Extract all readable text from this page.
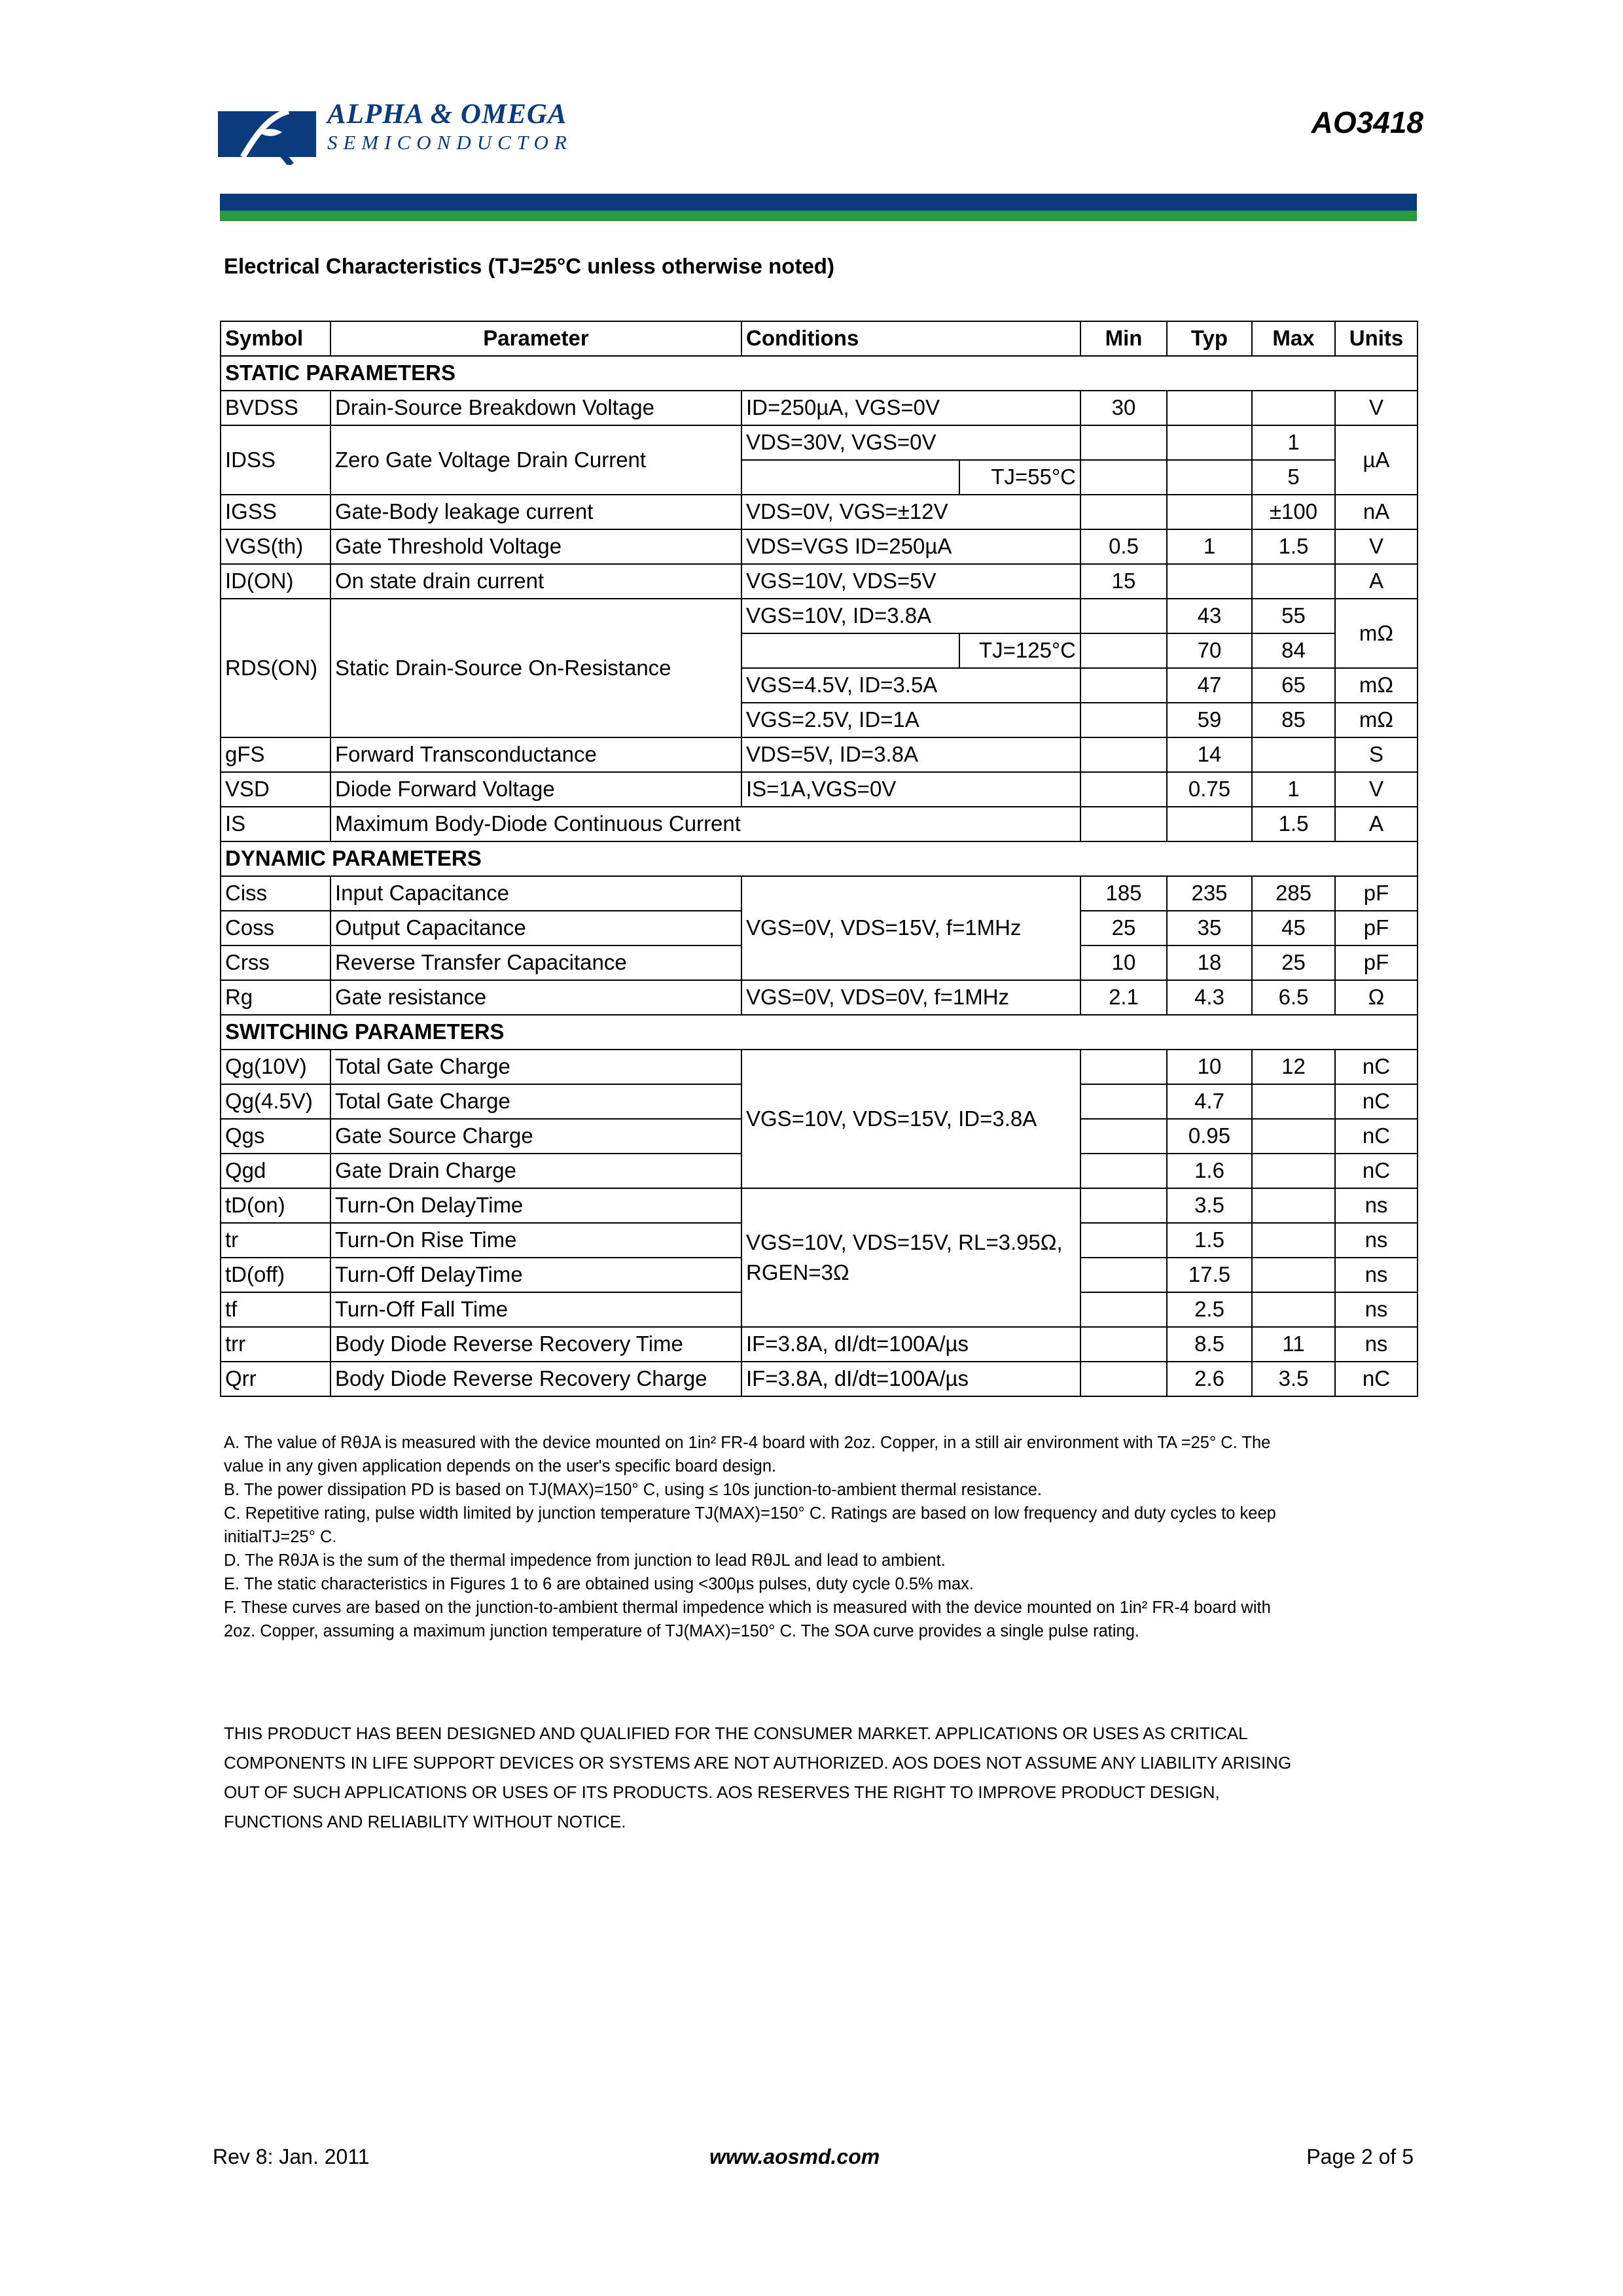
ALPHA & OMEGA
SEMICONDUCTOR
AO3418
Electrical Characteristics (TJ=25°C unless otherwise noted)
Symbol	Parameter	Conditions		Min	Typ	Max	Units
STATIC PARAMETERS							
BVDSS	Drain-Source Breakdown Voltage	ID=250µA, VGS=0V		30			V
IDSS	Zero Gate Voltage Drain Current	VDS=30V, VGS=0V				1	µA
			TJ=55°C			5	
IGSS	Gate-Body leakage current	VDS=0V, VGS=±12V				±100	nA
VGS(th)	Gate Threshold Voltage	VDS=VGS ID=250µA		0.5	1	1.5	V
ID(ON)	On state drain current	VGS=10V, VDS=5V		15			A
RDS(ON)	Static Drain-Source On-Resistance	VGS=10V, ID=3.8A			43	55	mΩ
			TJ=125°C		70	84	
		VGS=4.5V, ID=3.5A			47	65	mΩ
		VGS=2.5V, ID=1A			59	85	mΩ
gFS	Forward Transconductance	VDS=5V, ID=3.8A			14		S
VSD	Diode Forward Voltage	IS=1A,VGS=0V			0.75	1	V
IS	Maximum Body-Diode Continuous Current					1.5	A
DYNAMIC PARAMETERS							
Ciss	Input Capacitance	VGS=0V, VDS=15V, f=1MHz		185	235	285	pF
Coss	Output Capacitance			25	35	45	pF
Crss	Reverse Transfer Capacitance			10	18	25	pF
Rg	Gate resistance	VGS=0V, VDS=0V, f=1MHz		2.1	4.3	6.5	Ω
SWITCHING PARAMETERS							
Qg(10V)	Total Gate Charge	VGS=10V, VDS=15V, ID=3.8A			10	12	nC
Qg(4.5V)	Total Gate Charge				4.7		nC
Qgs	Gate Source Charge				0.95		nC
Qgd	Gate Drain Charge				1.6		nC
tD(on)	Turn-On DelayTime	VGS=10V, VDS=15V, RL=3.95Ω,
RGEN=3Ω			3.5		ns
tr	Turn-On Rise Time				1.5		ns
tD(off)	Turn-Off DelayTime				17.5		ns
tf	Turn-Off Fall Time				2.5		ns
trr	Body Diode Reverse Recovery Time	IF=3.8A, dI/dt=100A/µs			8.5	11	ns
Qrr	Body Diode Reverse Recovery Charge	IF=3.8A, dI/dt=100A/µs			2.6	3.5	nC
A. The value of RθJA is measured with the device mounted on 1in² FR-4 board with 2oz. Copper, in a still air environment with TA =25° C. The
value in any given application depends on the user's specific board design.
B. The power dissipation PD is based on TJ(MAX)=150° C, using ≤ 10s junction-to-ambient thermal resistance.
C. Repetitive rating, pulse width limited by junction temperature TJ(MAX)=150° C. Ratings are based on low frequency and duty cycles to keep
initialTJ=25° C.
D. The RθJA is the sum of the thermal impedence from junction to lead RθJL and lead to ambient.
E. The static characteristics in Figures 1 to 6 are obtained using <300µs pulses, duty cycle 0.5% max.
F. These curves are based on the junction-to-ambient thermal impedence which is measured with the device mounted on 1in² FR-4 board with
2oz. Copper, assuming a maximum junction temperature of TJ(MAX)=150° C. The SOA curve provides a single pulse rating.
THIS PRODUCT HAS BEEN DESIGNED AND QUALIFIED FOR THE CONSUMER MARKET. APPLICATIONS OR USES AS CRITICAL
COMPONENTS IN LIFE SUPPORT DEVICES OR SYSTEMS ARE NOT AUTHORIZED. AOS DOES NOT ASSUME ANY LIABILITY ARISING
OUT OF SUCH APPLICATIONS OR USES OF ITS PRODUCTS. AOS RESERVES THE RIGHT TO IMPROVE PRODUCT DESIGN,
FUNCTIONS AND RELIABILITY WITHOUT NOTICE.
Rev 8: Jan. 2011	www.aosmd.com	Page 2 of 5
